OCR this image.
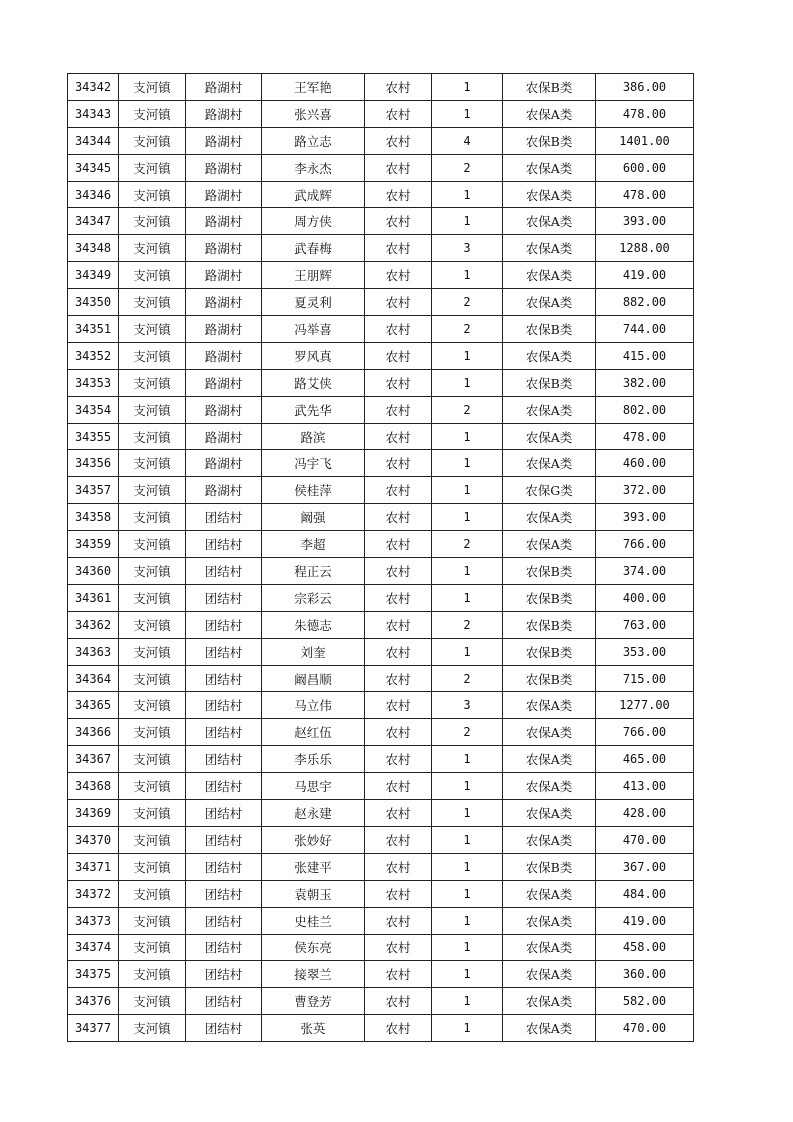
34342	支河镇	路湖村	王军艳	农村	1	农保B类	386.00
34343	支河镇	路湖村	张兴喜	农村	1	农保A类	478.00
34344	支河镇	路湖村	路立志	农村	4	农保B类	1401.00
34345	支河镇	路湖村	李永杰	农村	2	农保A类	600.00
34346	支河镇	路湖村	武成辉	农村	1	农保A类	478.00
34347	支河镇	路湖村	周方侠	农村	1	农保A类	393.00
34348	支河镇	路湖村	武春梅	农村	3	农保A类	1288.00
34349	支河镇	路湖村	王朋辉	农村	1	农保A类	419.00
34350	支河镇	路湖村	夏灵利	农村	2	农保A类	882.00
34351	支河镇	路湖村	冯举喜	农村	2	农保B类	744.00
34352	支河镇	路湖村	罗风真	农村	1	农保A类	415.00
34353	支河镇	路湖村	路艾侠	农村	1	农保B类	382.00
34354	支河镇	路湖村	武先华	农村	2	农保A类	802.00
34355	支河镇	路湖村	路滨	农村	1	农保A类	478.00
34356	支河镇	路湖村	冯宇飞	农村	1	农保A类	460.00
34357	支河镇	路湖村	侯桂萍	农村	1	农保G类	372.00
34358	支河镇	团结村	阚强	农村	1	农保A类	393.00
34359	支河镇	团结村	李超	农村	2	农保A类	766.00
34360	支河镇	团结村	程正云	农村	1	农保B类	374.00
34361	支河镇	团结村	宗彩云	农村	1	农保B类	400.00
34362	支河镇	团结村	朱德志	农村	2	农保B类	763.00
34363	支河镇	团结村	刘奎	农村	1	农保B类	353.00
34364	支河镇	团结村	阚昌顺	农村	2	农保B类	715.00
34365	支河镇	团结村	马立伟	农村	3	农保A类	1277.00
34366	支河镇	团结村	赵红伍	农村	2	农保A类	766.00
34367	支河镇	团结村	李乐乐	农村	1	农保A类	465.00
34368	支河镇	团结村	马思宇	农村	1	农保A类	413.00
34369	支河镇	团结村	赵永建	农村	1	农保A类	428.00
34370	支河镇	团结村	张妙好	农村	1	农保A类	470.00
34371	支河镇	团结村	张建平	农村	1	农保B类	367.00
34372	支河镇	团结村	袁朝玉	农村	1	农保A类	484.00
34373	支河镇	团结村	史桂兰	农村	1	农保A类	419.00
34374	支河镇	团结村	侯东亮	农村	1	农保A类	458.00
34375	支河镇	团结村	接翠兰	农村	1	农保A类	360.00
34376	支河镇	团结村	曹登芳	农村	1	农保A类	582.00
34377	支河镇	团结村	张英	农村	1	农保A类	470.00
